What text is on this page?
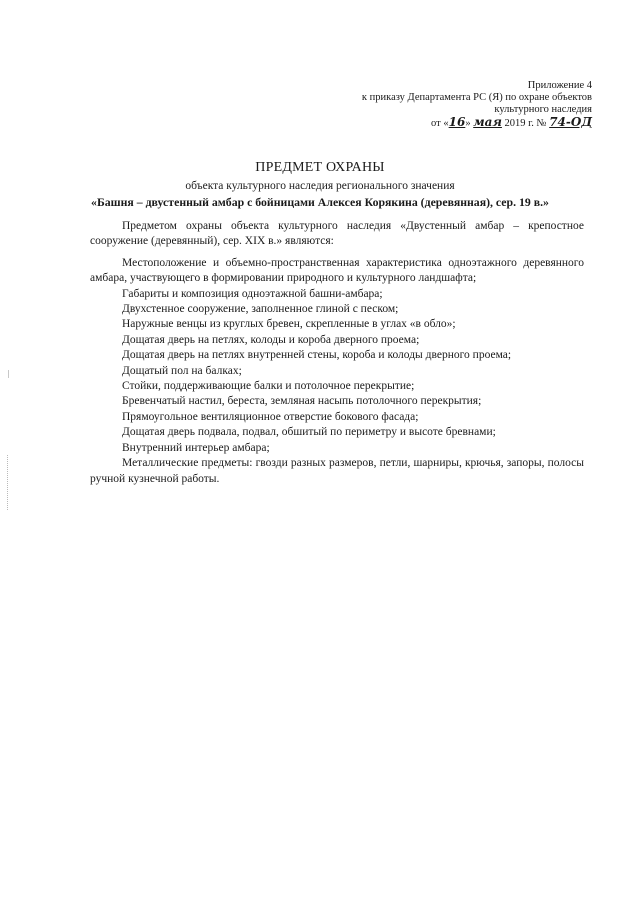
Приложение 4
к приказу Департамента РС (Я) по охране объектов
культурного наследия
от «16» мая 2019 г. № 74-ОД
ПРЕДМЕТ ОХРАНЫ
объекта культурного наследия регионального значения
«Башня – двустенный амбар с бойницами Алексея Корякина (деревянная), сер. 19 в.»

Предметом охраны объекта культурного наследия «Двустенный амбар – крепостное сооружение (деревянный), сер. XIX в.» являются:

Местоположение и объемно-пространственная характеристика одноэтажного деревянного амбара, участвующего в формировании природного и культурного ландшафта;

Габариты и композиция одноэтажной башни-амбара;

Двухстенное сооружение, заполненное глиной с песком;

Наружные венцы из круглых бревен, скрепленные в углах «в обло»;

Дощатая дверь на петлях, колоды и короба дверного проема;

Дощатая дверь на петлях внутренней стены, короба и колоды дверного проема;

Дощатый пол на балках;

Стойки, поддерживающие балки и потолочное перекрытие;

Бревенчатый настил, береста, земляная насыпь потолочного перекрытия;

Прямоугольное вентиляционное отверстие бокового фасада;

Дощатая дверь подвала, подвал, обшитый по периметру и высоте бревнами;

Внутренний интерьер амбара;

Металлические предметы: гвозди разных размеров, петли, шарниры, крючья, запоры, полосы ручной кузнечной работы.
